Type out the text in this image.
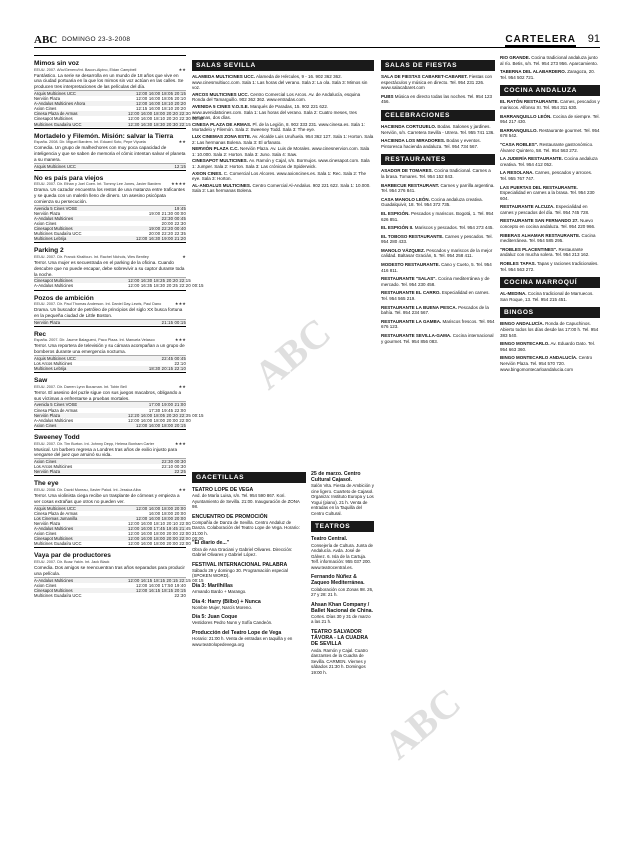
ABC DOMINGO 23-3-2008	CARTELERA 91
Mimos sin voz
EEUU. 2007. Año/Genero/Int. Bacon-Alpino, Eldan Campbell	★★
Fantástico. La serie se desarrolla en un mundo de 18 años que vive en una ciudad portuaria en la que los mimos sin voz actúan en las calles. Se producen tres interpretaciones de las películas del día.
Arquis Multicines UCC	12:00 16:00 18:05 20:15
Nervión Plaza	12:00 16:00 18:05 20:10
A-Andalus Multicines Ahora	12:00 16:00 18:10 20:20
Axion Cines	12:15 16:00 18:10 20:20
Cinesa Plaza de Armas	12:00 16:00 18:00 20:20 22:30
Cinesapot Multicines	12:00 16:00 18:10 20:20 22:30 00:40
Multicines Guadaíra UCC	12:30 16:30 18:30 20:30 22:15
Mortadelo y Filemón. Misión: salvar la Tierra
España. 2008. Dir. Miguel Bardem. Int. Eduard Soto, Pepe Viyuela	★★
Comedia. Un grupo de malhechores con muy poca capacidad de inteligencia y que se saben de memoria el cómic intentan salvar el planeta a su manera.
Arquis Multicines UCC	12:15
No es país para viejos
EEUU. 2007. Dir. Ethan y Joel Coen. Int. Tommy Lee Jones, Javier Bardem	★★★★
Drama. Un cazador encuentra los restos de una matanza entre traficantes y se queda con un maletín lleno de dinero. Un asesino psicópata comienza su persecución.
Avenida 5 Cines VOSE	19:45
Nervión Plaza	19:00 21:30 00:00
A-Andalus Multicines	22:30 00:45
Axion Cines	20:00 22:30
Cinesapot Multicines	19:00 22:20 00:40
Multicines Guadaíra UCC	20:00 22:20 22:35
Multicines Lebrija	12:00 16:30 19:00 21:20
Parking 2
EEUU. 2007. Dir. Franck Khalfoun. Int. Rachel Nichols, Wes Bentley	★
Terror. Una mujer es secuestrada en el parking de la oficina. Cuando descubre que no puede escapar, debe sobrevivir a su captor durante toda la noche.
Cinesapot Multicines	12:00 16:30 18:25 20:20 22:15
A-Andalus Multicines	12:00 16:35 18:30 20:25 22:20 00:15
Pozos de ambición
EEUU. 2007. Dir. Paul Thomas Anderson. Int. Daniel Day-Lewis, Paul Dano	★★★
Drama. Un buscador de petróleo de principios del siglo XX busca fortuna en la pequeña ciudad de Little Boston.
Nervión Plaza	21:15 00:15
Rec
España. 2007. Dir. Jaume Balagueró, Paco Plaza. Int. Manuela Velasco	★★★
Terror. Una reportera de televisión y su cámara acompañan a un grupo de bomberos durante una emergencia nocturna.
Arquis Multicines UCC	22:45 00:45
Los Arcos Multicines	22:10
Multicines Lebrija	18:30 20:15 22:10
Saw
EEUU. 2007. Dir. Darren Lynn Bousman. Int. Tobin Bell	★★
Terror. El asesino del puzle sigue con sus juegos macabros, obligando a sus víctimas a enfrentarse a pruebas mortales.
Avenida 5 Cines VOSE	17:00 19:00 21:00
Cinesa Plaza de Armas	17:30 19:45 22:00
Nervión Plaza	12:20 16:00 18:05 20:20 22:35 00:15
A-Andalus Multicines	12:00 16:00 18:00 20:00 22:00
Axion Cines	12:00 16:00 18:00 20:15
Sweeney Todd
EEUU. 2007. Dir. Tim Burton. Int. Johnny Depp, Helena Bonham Carter	★★★
Musical. Un barbero regresa a Londres tras años de exilio injusto para vengarse del juez que arruinó su vida.
Axion Cines	22:30 00:30
Los Arcos Multicines	22:10 00:30
Nervión Plaza	22:25
The eye
EEUU. 2008. Dir. David Moreau, Xavier Palud. Int. Jessica Alba	★★
Terror. Una violinista ciega recibe un trasplante de córneas y empieza a ver cosas extrañas que otros no pueden ver.
Arquis Multicines UCC	12:00 16:00 18:00 20:00
Cinesa Plaza de Armas	16:00 18:00 20:00
Los Cinemas Jumanilla	12:00 16:00 18:00 20:00
Nervión Plaza	12:00 16:00 18:10 20:10 22:00
A-Andalus Multicines	12:00 16:00 17:45 19:45 21:45
Axion Cines	12:00 16:00 18:00 20:00 22:00
Cinesapot Multicines	12:00 16:00 18:00 20:00 22:00 00:00
Multicines Guadaíra UCC	12:00 16:00 18:00 20:00 22:00
Vaya par de productores
EEUU. 2007. Dir. Boaz Yakin. Int. Jack Black
Comedia. Dos amigos se reencuentran tras años separados para producir una película.
A-Andalus Multicines	12:00 16:15 18:15 20:15 22:15 00:15
Axion Cines	12:00 16:00 17:50 19:40
Cinesapot Multicines	12:00 16:15 18:15 20:15
Multicines Guadaíra UCC	22:30
SALAS SEVILLA

ALAMEDA MULTICINES UCC. Alameda de Hércules, 9 - 16. 902 362 362. www.cinesmultiucc.com. Sala 1: Las horas del verano. Sala 2: La ola. Sala 3: Mimos sin voz.

ARCOS MULTICINES UCC. Centro Comercial Los Arcos. Av. de Andalucía, esquina Ronda del Tamarguillo. 902 362 362. www.entradas.com.

AVENIDA 5 CINES V.O.S.E. Marqués de Paradas, 15. 902 221 622. www.avenida5cines.com. Sala 1: Las horas del verano. Sala 2: Cuatro meses, tres semanas, dos días.

CINESA PLAZA DE ARMAS. Pl. de la Legión, 8. 902 333 231. www.cinesa.es. Sala 1: Mortadelo y Filemón. Sala 2: Sweeney Todd. Sala 3: The eye.

LUX CINEMAS ZONA ESTE. Av. Alcalde Luis Uruñuela. 954 362 127. Sala 1: Horton. Sala 2: Las hermanas Bolena. Sala 3: El orfanato.

NERVIÓN PLAZA C.C. Nervión Plaza. Av. Luis de Morales. www.cinesnervion.com. Sala 1: 10.000. Sala 2: Horton. Sala 3: Juno. Sala 4: Saw.

CINESAPOT MULTICINES. Av. Ramón y Cajal, s/n. Bormujos. www.cinesapot.com. Sala 1: Jumper. Sala 2: Horton. Sala 3: Las crónicas de Spiderwick.

AXION CINES. C. Comercial Los Alcores. www.axioncines.es. Sala 1: Rec. Sala 2: The eye. Sala 3: Horton.

AL-ANDALUS MULTICINES. Centro Comercial Al-Andalus. 902 221 622. Sala 1: 10.000. Sala 2: Las hermanas Bolena.

GACETILLAS
TEATRO LOPE DE VEGA
Avd. de María Luisa, s/n. Tel. 954 590 867. Kori. Ayuntamiento de Sevilla. 21:00. Inauguración de ZONA 98.
ENCUENTRO DE PROMOCIÓN
Compañía de Danza de Sevilla. Centro Andaluz de Danza. Colaboración del Teatro Lope de Vega. Horario: 21:00 h.
"El diario de..."
Obra de Ana Graciani y Gabriel Olivares. Dirección: Gabriel Olivares y Gabriel López.
FESTIVAL INTERNACIONAL PALABRA
Sábado 29 y domingo 30. Programación especial (SPOKEN WORD).
Día 3: Marilhillas
Armando Bardo + Marango.
Día 4: Harry (Bilbo) + Nunca
Nombre Mujer, Narcís Moreno.
Día 5: Juan Coque
Vestidores Pedro Nunn y Sofía Candeón.
Producción del Teatro Lope de Vega
Horario: 21:00 h. Venta de entradas en taquilla y en www.teatrolopedevega.org
25 de marzo. Centro Cultural Cajasol.
Salón Vita. Fiesta de Ambición y cine ligero. Cuarteto de Cajasol. Organiza: Instituto Europa y Los Yogui (piano). 21 h. Venta de entradas en la Taquilla del Centro Cultural.
TEATROS
Teatro Central.
Consejería de Cultura. Junta de Andalucía. Avda. José de Gálvez. 6. Isla de la Cartuja. Telf. información: 955 037 200. www.teatrocentral.es.
Fernando Núñez & Zaqueo Mediterránea.
Colaboración con Zonas 98. 26, 27 y 28: 21 h.
Ahsan Khan Company / Ballet Nacional de China.
Cortes. Días 30 y 31 de marzo a las 21 h.
TEATRO SALVADOR TÁVORA - LA CUADRA DE SEVILLA
Avda. Ramón y Cajal. Cuatro danzantes de la Cuadra de Sevilla. CARMEN. Viernes y sábados 21:30 h. Domingos 19:00 h.
SALAS DE FIESTAS

SALA DE FIESTAS CABARET-CABARET. Fiestas con espectáculos y música en directo. Tel. 954 231 226. www.salacabaret.com

PUBS Música en directo todas las noches. Tel. 954 123 456.

CELEBRACIONES

HACIENDA CORTIJUELO. Bodas. Salones y jardines. Nervión, s/n. Carretera Sevilla - Utrera. Tel. 955 741 136.

HACIENDA LOS MIRADORES. Bodas y eventos. Pintoresca hacienda andaluza. Tel. 954 734 567.

RESTAURANTES

ASADOR DE TOMARES. Cocina tradicional. Carnes a la brasa. Tomares. Tel. 954 152 843.

BARBECUE RESTAURANT. Carnes y parrilla argentina. Tel. 954 276 841.

CASA MANOLO LEÓN. Cocina andaluza creativa. Guadalquivir, 18. Tel. 954 372 735.

EL ESPIGÓN. Pescados y mariscos. Bogotá, 1. Tel. 954 626 851.

EL ESPIGÓN II. Mariscos y pescados. Tel. 954 273 445.

EL TOBOSO RESTAURANTE. Carnes y pescados. Tel. 954 280 433.

MANOLO VÁZQUEZ. Pescados y mariscos de la mejor calidad. Baltasar Gracián, 5. Tel. 954 258 411.

MODESTO RESTAURANTE. Cano y Cueto, 5. Tel. 954 416 811.

RESTAURANTE "SALAS". Cocina mediterránea y de mercado. Tel. 954 230 458.

RESTAURANTE EL CARRO. Especialidad en carnes. Tel. 954 565 219.

RESTAURANTE LA BUENA PESCA. Pescados de la bahía. Tel. 954 234 567.

RESTAURANTE LA GAMBA. Mariscos frescos. Tel. 954 676 123.

RESTAURANTE SEVILLA-GAMA. Cocina internacional y gourmet. Tel. 954 856 083.

RIO GRANDE. Cocina tradicional andaluza junto al río. Betis, s/n. Tel. 954 273 956. Aparcamiento.

TABERNA DEL ALABARDERO. Zaragoza, 20. Tel. 954 502 721.

COCINA ANDALUZA

EL RATÓN RESTAURANTE. Carnes, pescados y mariscos. Alfonso XI. Tel. 954 311 630.

BARRANQUILLO LEÓN. Cocina de siempre. Tel. 954 217 430.

BARRANQUILLO. Restaurante gourmet. Tel. 954 678 542.

"CASA ROBLES". Restaurante gastronómico. Álvarez Quintero, 58. Tel. 954 563 272.

LA JUDERÍA RESTAURANTE. Cocina andaluza creativa. Tel. 954 412 052.

LA RESOLANA. Carnes, pescados y arroces. Tel. 955 767 747.

LAS PUERTAS DEL RESTAURANTE. Especialidad en carnes a la brasa. Tel. 954 230 604.

RESTAURANTE ALCUZA. Especialidad en carnes y pescados del día. Tel. 954 745 728.

RESTAURANTE SAN FERNANDO 27. Nuevo concepto en cocina andaluza. Tel. 954 220 966.

RIBERAS ALHAMAR RESTAURANTE. Cocina mediterránea. Tel. 954 585 295.

"ROBLES PLACENTINES". Restaurante andaluz con mucha solera. Tel. 954 213 162.

ROBLES TAPAS. Tapas y raciones tradicionales. Tel. 954 563 272.

COCINA MARROQUÍ

AL-MEDINA. Cocina tradicional de Marruecos. San Roque, 13. Tel. 954 215 451.

BINGOS

BINGO ANDALUCÍA. Ronda de Capuchinos. Abierto todos los días desde las 17:00 h. Tel. 954 383 540.

BINGO MONTECARLO. Av. Eduardo Dato. Tel. 954 663 360.

BINGO MONTECARLO ANDALUCÍA. Centro Nervión Plaza. Tel. 954 570 720. www.bingomontecarloandalucia.com

ABC
ABC
